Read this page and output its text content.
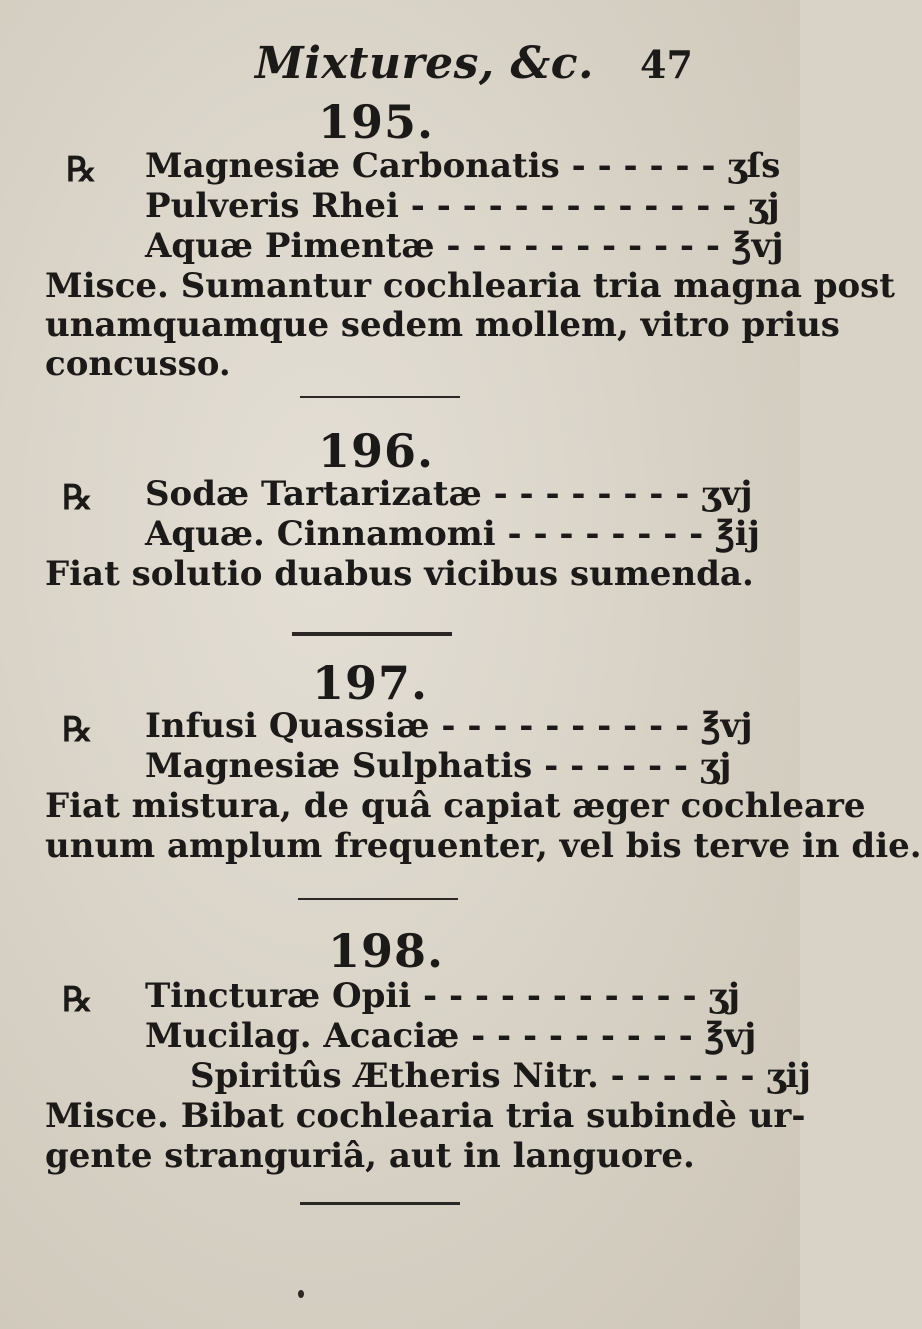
Mixtures, &c. 47
195.
℞ Magnesiæ Carbonatis - - - - - - ʒſs
Pulveris Rhei - - - - - - - - - - - - - ʒj
Aquæ Pimentæ - - - - - - - - - - - ℥vj
Misce. Sumantur cochlearia tria magna post
unamquamque sedem mollem, vitro prius
concusso.
196.
℞ Sodæ Tartarizatæ - - - - - - - - ʒvj
Aquæ. Cinnamomi - - - - - - - - ℥ij
Fiat solutio duabus vicibus sumenda.
197.
℞ Infusi Quassiæ - - - - - - - - - - ℥vj
Magnesiæ Sulphatis - - - - - - ʒj
Fiat mistura, de quâ capiat æger cochleare
unum amplum frequenter, vel bis terve in die.
198.
℞ Tincturæ Opii - - - - - - - - - - - ʒj
Mucilag. Acaciæ - - - - - - - - - ℥vj
Spiritûs Ætheris Nitr. - - - - - - ʒij
Misce. Bibat cochlearia tria subindè ur-
gente stranguriâ, aut in languore.
